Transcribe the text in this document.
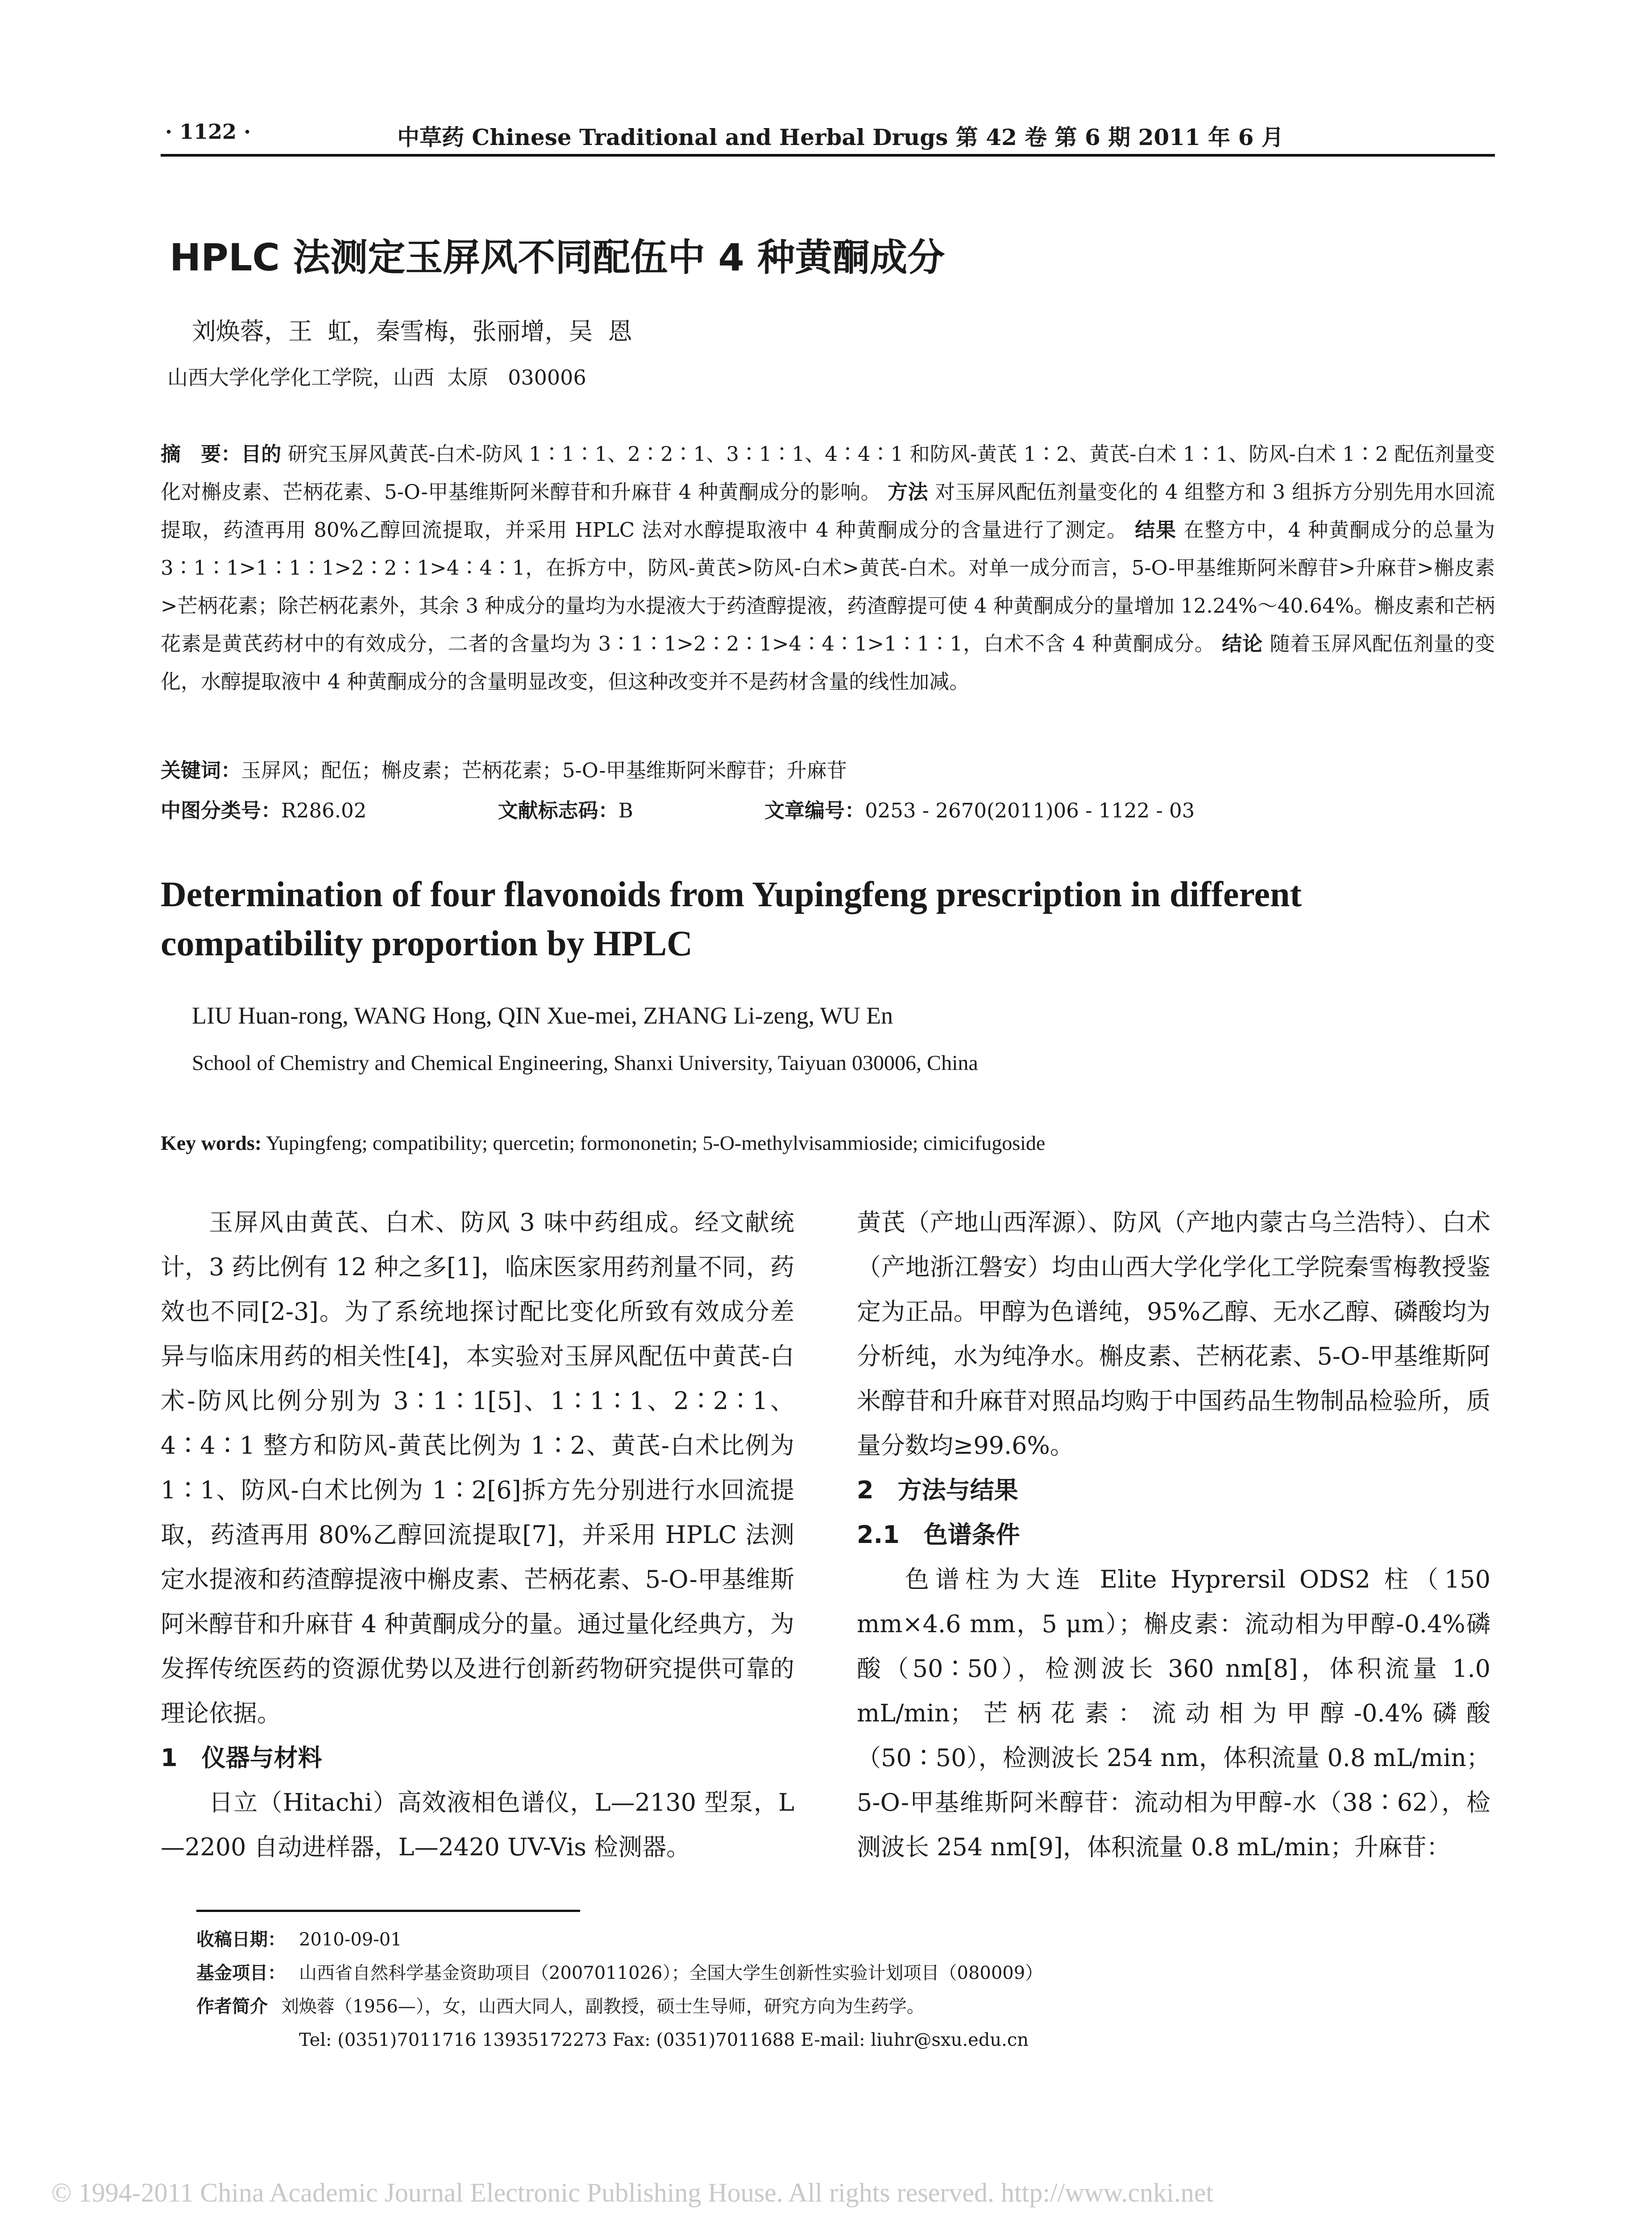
· 1122 ·	中草药 Chinese Traditional and Herbal Drugs 第 42 卷 第 6 期 2011 年 6 月
HPLC 法测定玉屏风不同配伍中 4 种黄酮成分
刘焕蓉，王  虹，秦雪梅，张丽增，吴  恩
山西大学化学化工学院，山西  太原   030006
摘　要：目的 研究玉屏风黄芪-白术-防风 1∶1∶1、2∶2∶1、3∶1∶1、4∶4∶1 和防风-黄芪 1∶2、黄芪-白术 1∶1、防风-白术 1∶2 配伍剂量变化对槲皮素、芒柄花素、5-O-甲基维斯阿米醇苷和升麻苷 4 种黄酮成分的影响。 方法 对玉屏风配伍剂量变化的 4 组整方和 3 组拆方分别先用水回流提取，药渣再用 80%乙醇回流提取，并采用 HPLC 法对水醇提取液中 4 种黄酮成分的含量进行了测定。 结果 在整方中，4 种黄酮成分的总量为 3∶1∶1>1∶1∶1>2∶2∶1>4∶4∶1，在拆方中，防风-黄芪>防风-白术>黄芪-白术。对单一成分而言，5-O-甲基维斯阿米醇苷>升麻苷>槲皮素>芒柄花素；除芒柄花素外，其余 3 种成分的量均为水提液大于药渣醇提液，药渣醇提可使 4 种黄酮成分的量增加 12.24%～40.64%。槲皮素和芒柄花素是黄芪药材中的有效成分，二者的含量均为 3∶1∶1>2∶2∶1>4∶4∶1>1∶1∶1，白术不含 4 种黄酮成分。 结论 随着玉屏风配伍剂量的变化，水醇提取液中 4 种黄酮成分的含量明显改变，但这种改变并不是药材含量的线性加减。
关键词：玉屏风；配伍；槲皮素；芒柄花素；5-O-甲基维斯阿米醇苷；升麻苷
中图分类号：R286.02	文献标志码：B	文章编号：0253 - 2670(2011)06 - 1122 - 03
Determination of four flavonoids from Yupingfeng prescription in different compatibility proportion by HPLC
LIU Huan-rong, WANG Hong, QIN Xue-mei, ZHANG Li-zeng, WU En
School of Chemistry and Chemical Engineering, Shanxi University, Taiyuan 030006, China
Key words: Yupingfeng; compatibility; quercetin; formononetin; 5-O-methylvisammioside; cimicifugoside

玉屏风由黄芪、白术、防风 3 味中药组成。经文献统计，3 药比例有 12 种之多[1]，临床医家用药剂量不同，药效也不同[2-3]。为了系统地探讨配比变化所致有效成分差异与临床用药的相关性[4]，本实验对玉屏风配伍中黄芪-白术-防风比例分别为 3∶1∶1[5]、1∶1∶1、2∶2∶1、4∶4∶1 整方和防风-黄芪比例为 1∶2、黄芪-白术比例为 1∶1、防风-白术比例为 1∶2[6]拆方先分别进行水回流提取，药渣再用 80%乙醇回流提取[7]，并采用 HPLC 法测定水提液和药渣醇提液中槲皮素、芒柄花素、5-O-甲基维斯阿米醇苷和升麻苷 4 种黄酮成分的量。通过量化经典方，为发挥传统医药的资源优势以及进行创新药物研究提供可靠的理论依据。

1　仪器与材料

日立（Hitachi）高效液相色谱仪，L—2130 型泵，L—2200 自动进样器，L—2420 UV-Vis 检测器。

黄芪（产地山西浑源）、防风（产地内蒙古乌兰浩特）、白术（产地浙江磐安）均由山西大学化学化工学院秦雪梅教授鉴定为正品。甲醇为色谱纯，95%乙醇、无水乙醇、磷酸均为分析纯，水为纯净水。槲皮素、芒柄花素、5-O-甲基维斯阿米醇苷和升麻苷对照品均购于中国药品生物制品检验所，质量分数均≥99.6%。

2　方法与结果
2.1　色谱条件

色谱柱为大连 Elite Hyprersil ODS2 柱（150 mm×4.6 mm，5 μm）；槲皮素：流动相为甲醇-0.4%磷酸（50∶50），检测波长 360 nm[8]，体积流量 1.0 mL/min；芒柄花素：流动相为甲醇-0.4%磷酸（50∶50），检测波长 254 nm，体积流量 0.8 mL/min；5-O-甲基维斯阿米醇苷：流动相为甲醇-水（38∶62），检测波长 254 nm[9]，体积流量 0.8 mL/min；升麻苷：

收稿日期： 2010-09-01
基金项目： 山西省自然科学基金资助项目（2007011026）；全国大学生创新性实验计划项目（080009）
作者简介 刘焕蓉（1956—），女，山西大同人，副教授，硕士生导师，研究方向为生药学。
Tel: (0351)7011716 13935172273 Fax: (0351)7011688 E-mail: liuhr@sxu.edu.cn
© 1994-2011 China Academic Journal Electronic Publishing House. All rights reserved. http://www.cnki.net
